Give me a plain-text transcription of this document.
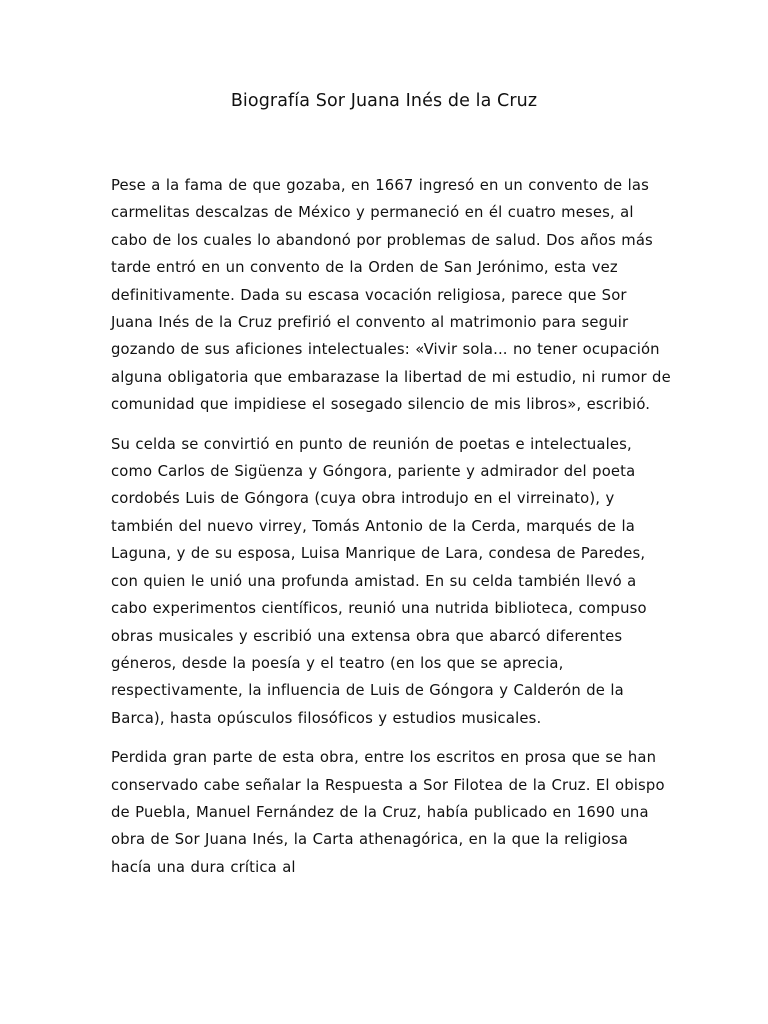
Biografía Sor Juana Inés de la Cruz

Pese a la fama de que gozaba, en 1667 ingresó en un convento de las carmelitas descalzas de México y permaneció en él cuatro meses, al cabo de los cuales lo abandonó por problemas de salud. Dos años más tarde entró en un convento de la Orden de San Jerónimo, esta vez definitivamente. Dada su escasa vocación religiosa, parece que Sor Juana Inés de la Cruz prefirió el convento al matrimonio para seguir gozando de sus aficiones intelectuales: «Vivir sola... no tener ocupación alguna obligatoria que embarazase la libertad de mi estudio, ni rumor de comunidad que impidiese el sosegado silencio de mis libros», escribió.

Su celda se convirtió en punto de reunión de poetas e intelectuales, como Carlos de Sigüenza y Góngora, pariente y admirador del poeta cordobés Luis de Góngora (cuya obra introdujo en el virreinato), y también del nuevo virrey, Tomás Antonio de la Cerda, marqués de la Laguna, y de su esposa, Luisa Manrique de Lara, condesa de Paredes, con quien le unió una profunda amistad. En su celda también llevó a cabo experimentos científicos, reunió una nutrida biblioteca, compuso obras musicales y escribió una extensa obra que abarcó diferentes géneros, desde la poesía y el teatro (en los que se aprecia, respectivamente, la influencia de Luis de Góngora y Calderón de la Barca), hasta opúsculos filosóficos y estudios musicales.

Perdida gran parte de esta obra, entre los escritos en prosa que se han conservado cabe señalar la Respuesta a Sor Filotea de la Cruz. El obispo de Puebla, Manuel Fernández de la Cruz, había publicado en 1690 una obra de Sor Juana Inés, la Carta athenagórica, en la que la religiosa hacía una dura crítica al
